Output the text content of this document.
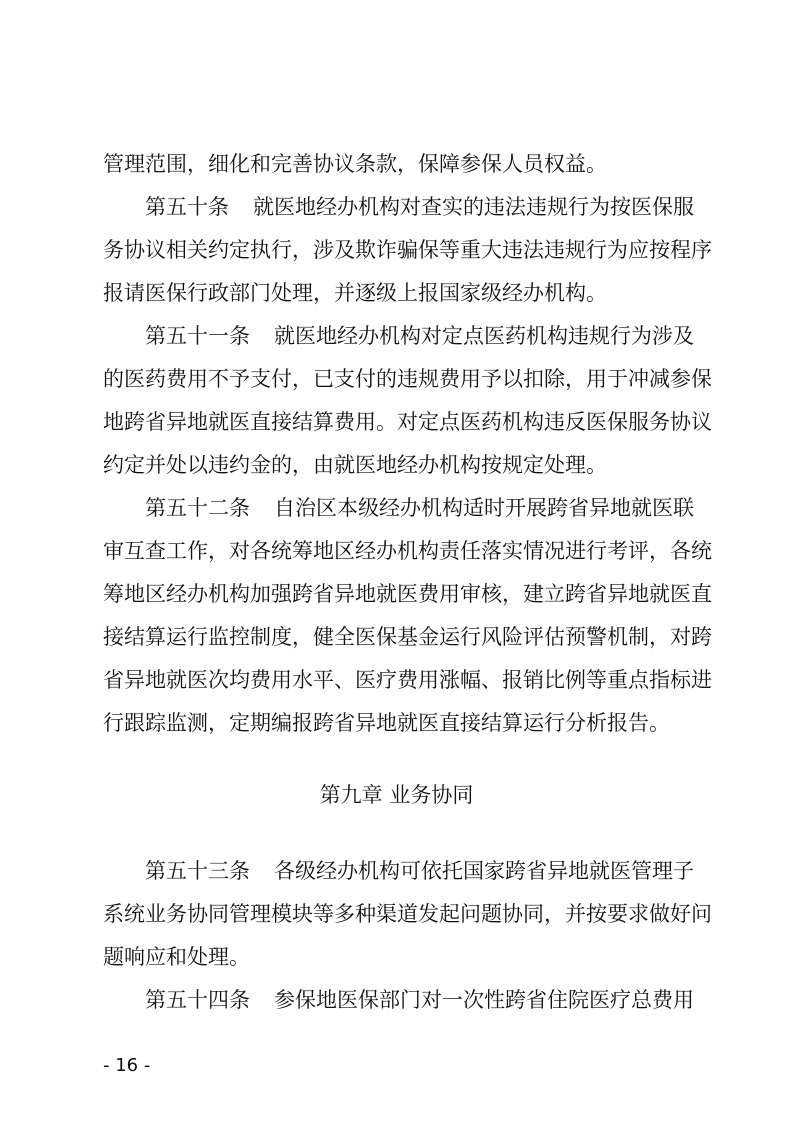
管理范围，细化和完善协议条款，保障参保人员权益。
第五十条 就医地经办机构对查实的违法违规行为按医保服
务协议相关约定执行，涉及欺诈骗保等重大违法违规行为应按程序
报请医保行政部门处理，并逐级上报国家级经办机构。
第五十一条 就医地经办机构对定点医药机构违规行为涉及
的医药费用不予支付，已支付的违规费用予以扣除，用于冲减参保
地跨省异地就医直接结算费用。对定点医药机构违反医保服务协议
约定并处以违约金的，由就医地经办机构按规定处理。
第五十二条 自治区本级经办机构适时开展跨省异地就医联
审互查工作，对各统筹地区经办机构责任落实情况进行考评，各统
筹地区经办机构加强跨省异地就医费用审核，建立跨省异地就医直
接结算运行监控制度，健全医保基金运行风险评估预警机制，对跨
省异地就医次均费用水平、医疗费用涨幅、报销比例等重点指标进
行跟踪监测，定期编报跨省异地就医直接结算运行分析报告。
第九章 业务协同
第五十三条 各级经办机构可依托国家跨省异地就医管理子
系统业务协同管理模块等多种渠道发起问题协同，并按要求做好问
题响应和处理。
第五十四条 参保地医保部门对一次性跨省住院医疗总费用
- 16 -
